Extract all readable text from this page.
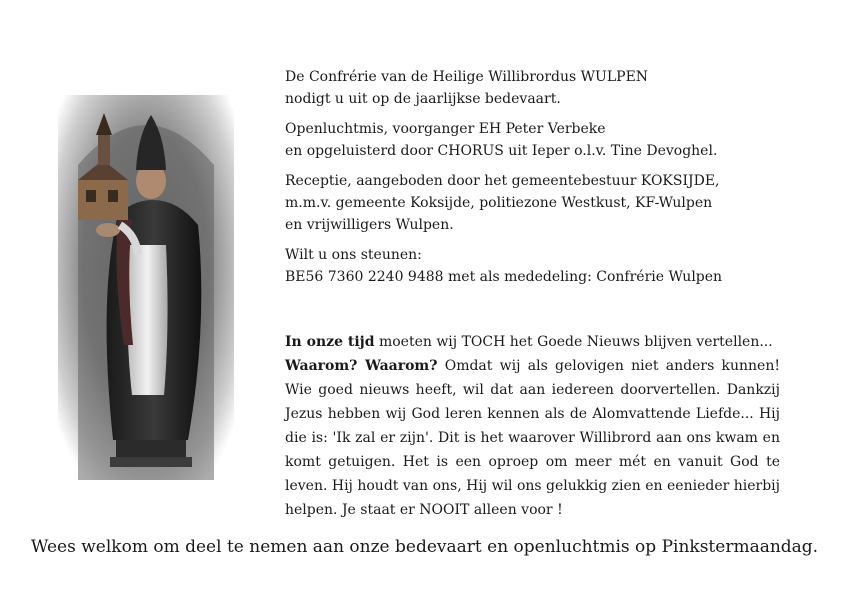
De Confrérie van de Heilige Willibrordus WULPEN
nodigt u uit op de jaarlijkse bedevaart.

Openluchtmis, voorganger EH Peter Verbeke
en opgeluisterd door CHORUS uit Ieper o.l.v. Tine Devoghel.

Receptie, aangeboden door het gemeentebestuur KOKSIJDE,
m.m.v. gemeente Koksijde, politiezone Westkust, KF-Wulpen
en vrijwilligers Wulpen.

Wilt u ons steunen:
BE56 7360 2240 9488 met als mededeling: Confrérie Wulpen

In onze tijd moeten wij TOCH het Goede Nieuws blijven vertellen...
Waarom? Waarom? Omdat wij als gelovigen niet anders kunnen! Wie goed nieuws heeft, wil dat aan iedereen doorvertellen. Dankzij Jezus hebben wij God leren kennen als de Alomvattende Liefde... Hij die is: 'Ik zal er zijn'. Dit is het waarover Willibrord aan ons kwam en komt getuigen. Het is een oproep om meer mét en vanuit God te leven. Hij houdt van ons, Hij wil ons gelukkig zien en eenieder hierbij helpen. Je staat er NOOIT alleen voor !
Wees welkom om deel te nemen aan onze bedevaart en openluchtmis op Pinkstermaandag.
